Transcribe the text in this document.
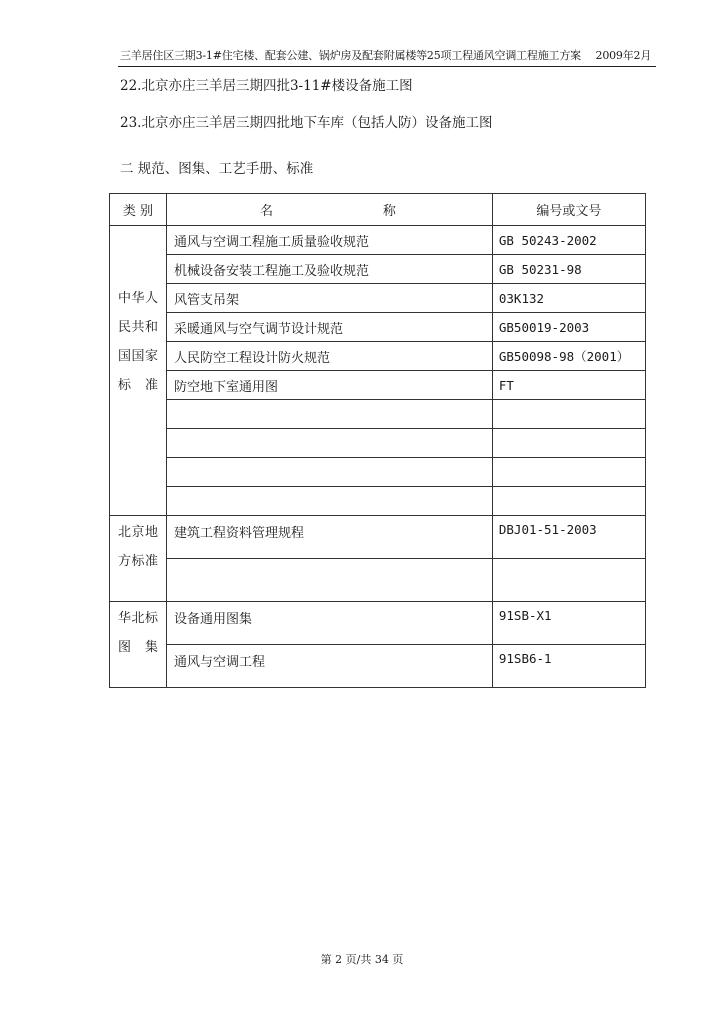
三羊居住区三期3-1#住宅楼、配套公建、锅炉房及配套附属楼等25项工程通风空调工程施工方案 2009年2月
22.北京亦庄三羊居三期四批3-11#楼设备施工图
23.北京亦庄三羊居三期四批地下车库（包括人防）设备施工图
二 规范、图集、工艺手册、标准
类 别	名 称	编号或文号

中华人民共和国国家标准	通风与空调工程施工质量验收规范	GB 50243-2002
	机械设备安装工程施工及验收规范	GB 50231-98
	风管支吊架	03K132
	采暖通风与空气调节设计规范	GB50019-2003
	人民防空工程设计防火规范	GB50098-98（2001）
	防空地下室通用图	FT

北京地方标准	建筑工程资料管理规程	DBJ01-51-2003

华北标图集	设备通用图集	91SB-X1
	通风与空调工程	91SB6-1
第 2 页/共 34 页
